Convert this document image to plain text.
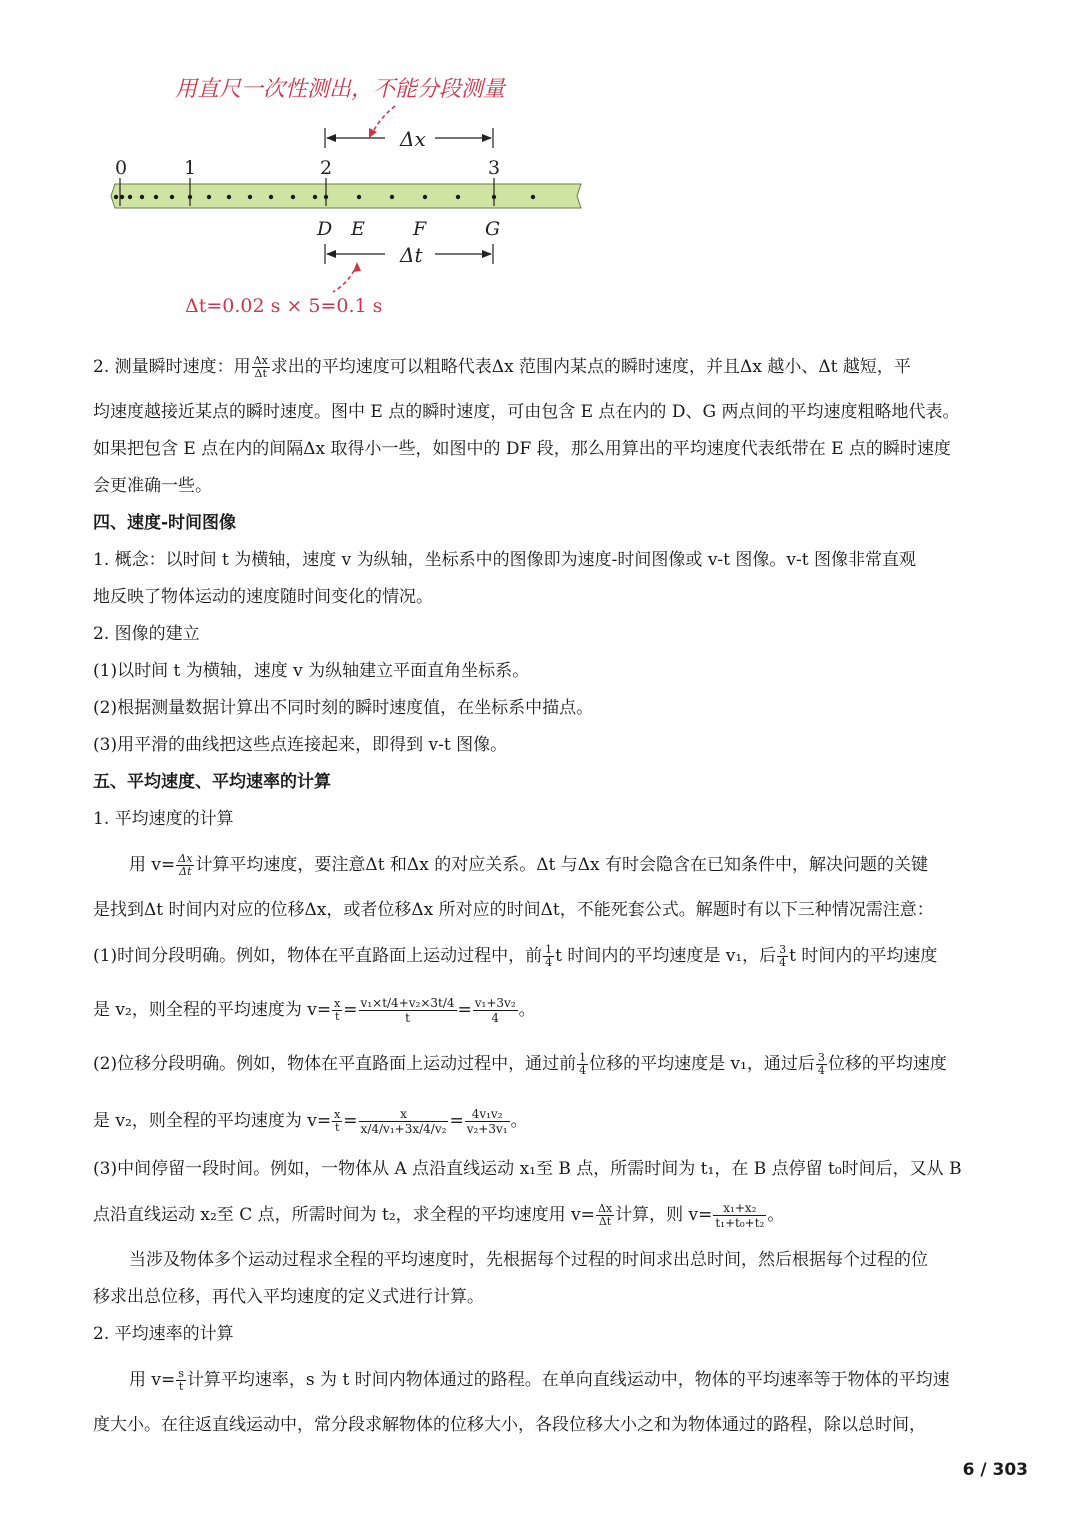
用直尺一次性测出，不能分段测量
Δx
0	1	2	3
D E	F	G
Δt
Δt=0.02 s × 5=0.1 s
2. 测量瞬时速度：用 $\frac{\Delta x}{\Delta t}$ 求出的平均速度可以粗略代表Δx 范围内某点的瞬时速度，并且Δx 越小、Δt 越短，平
均速度越接近某点的瞬时速度。图中 E 点的瞬时速度，可由包含 E 点在内的 D、G 两点间的平均速度粗略地代表。
如果把包含 E 点在内的间隔Δx 取得小一些，如图中的 DF 段，那么用算出的平均速度代表纸带在 E 点的瞬时速度
会更准确一些。
四、速度-时间图像
1. 概念：以时间 t 为横轴，速度 v 为纵轴，坐标系中的图像即为速度-时间图像或 v-t 图像。v-t 图像非常直观
地反映了物体运动的速度随时间变化的情况。
2. 图像的建立
(1)以时间 t 为横轴，速度 v 为纵轴建立平面直角坐标系。
(2)根据测量数据计算出不同时刻的瞬时速度值，在坐标系中描点。
(3)用平滑的曲线把这些点连接起来，即得到 v-t 图像。
五、平均速度、平均速率的计算
1. 平均速度的计算
用 $v= \frac{\Delta x}{\Delta t}$ 计算平均速度，要注意Δt 和Δx 的对应关系。Δt 与Δx 有时会隐含在已知条件中，解决问题的关键
是找到Δt 时间内对应的位移Δx，或者位移Δx 所对应的时间Δt，不能死套公式。解题时有以下三种情况需注意：
(1)时间分段明确。例如，物体在平直路面上运动过程中，前 $\frac{1}{4}$ t 时间内的平均速度是 v₁，后 $\frac{3}{4}$ t 时间内的平均速度
是 v₂，则全程的平均速度为 $v= \frac{x}{t} = \frac{\text{v₁×t/4+v₂×3t/4}}{t} = \frac{\text{v₁+3v₂}}{4}$ 。
(2)位移分段明确。例如，物体在平直路面上运动过程中，通过前 $\frac{1}{4}$ 位移的平均速度是 v₁，通过后 $\frac{3}{4}$ 位移的平均速度
是 v₂，则全程的平均速度为 $v= \frac{x}{t} = \frac{x}{\text{x/4/v₁+3x/4/v₂}} = \frac{\text{4v₁v₂}}{\text{v₂+3v₁}}$ 。
(3)中间停留一段时间。例如，一物体从 A 点沿直线运动 x₁至 B 点，所需时间为 t₁，在 B 点停留 t₀时间后，又从 B
点沿直线运动 x₂至 C 点，所需时间为 t₂，求全程的平均速度用 $v= \frac{\Delta x}{\Delta t}$ 计算，则 $v= \frac{\text{x₁+x₂}}{\text{t₁+t₀+t₂}}$ 。
当涉及物体多个运动过程求全程的平均速度时，先根据每个过程的时间求出总时间，然后根据每个过程的位
移求出总位移，再代入平均速度的定义式进行计算。
2. 平均速率的计算
用 $v= \frac{s}{t}$ 计算平均速率，s 为 t 时间内物体通过的路程。在单向直线运动中，物体的平均速率等于物体的平均速
度大小。在往返直线运动中，常分段求解物体的位移大小，各段位移大小之和为物体通过的路程，除以总时间，
6 / 303
